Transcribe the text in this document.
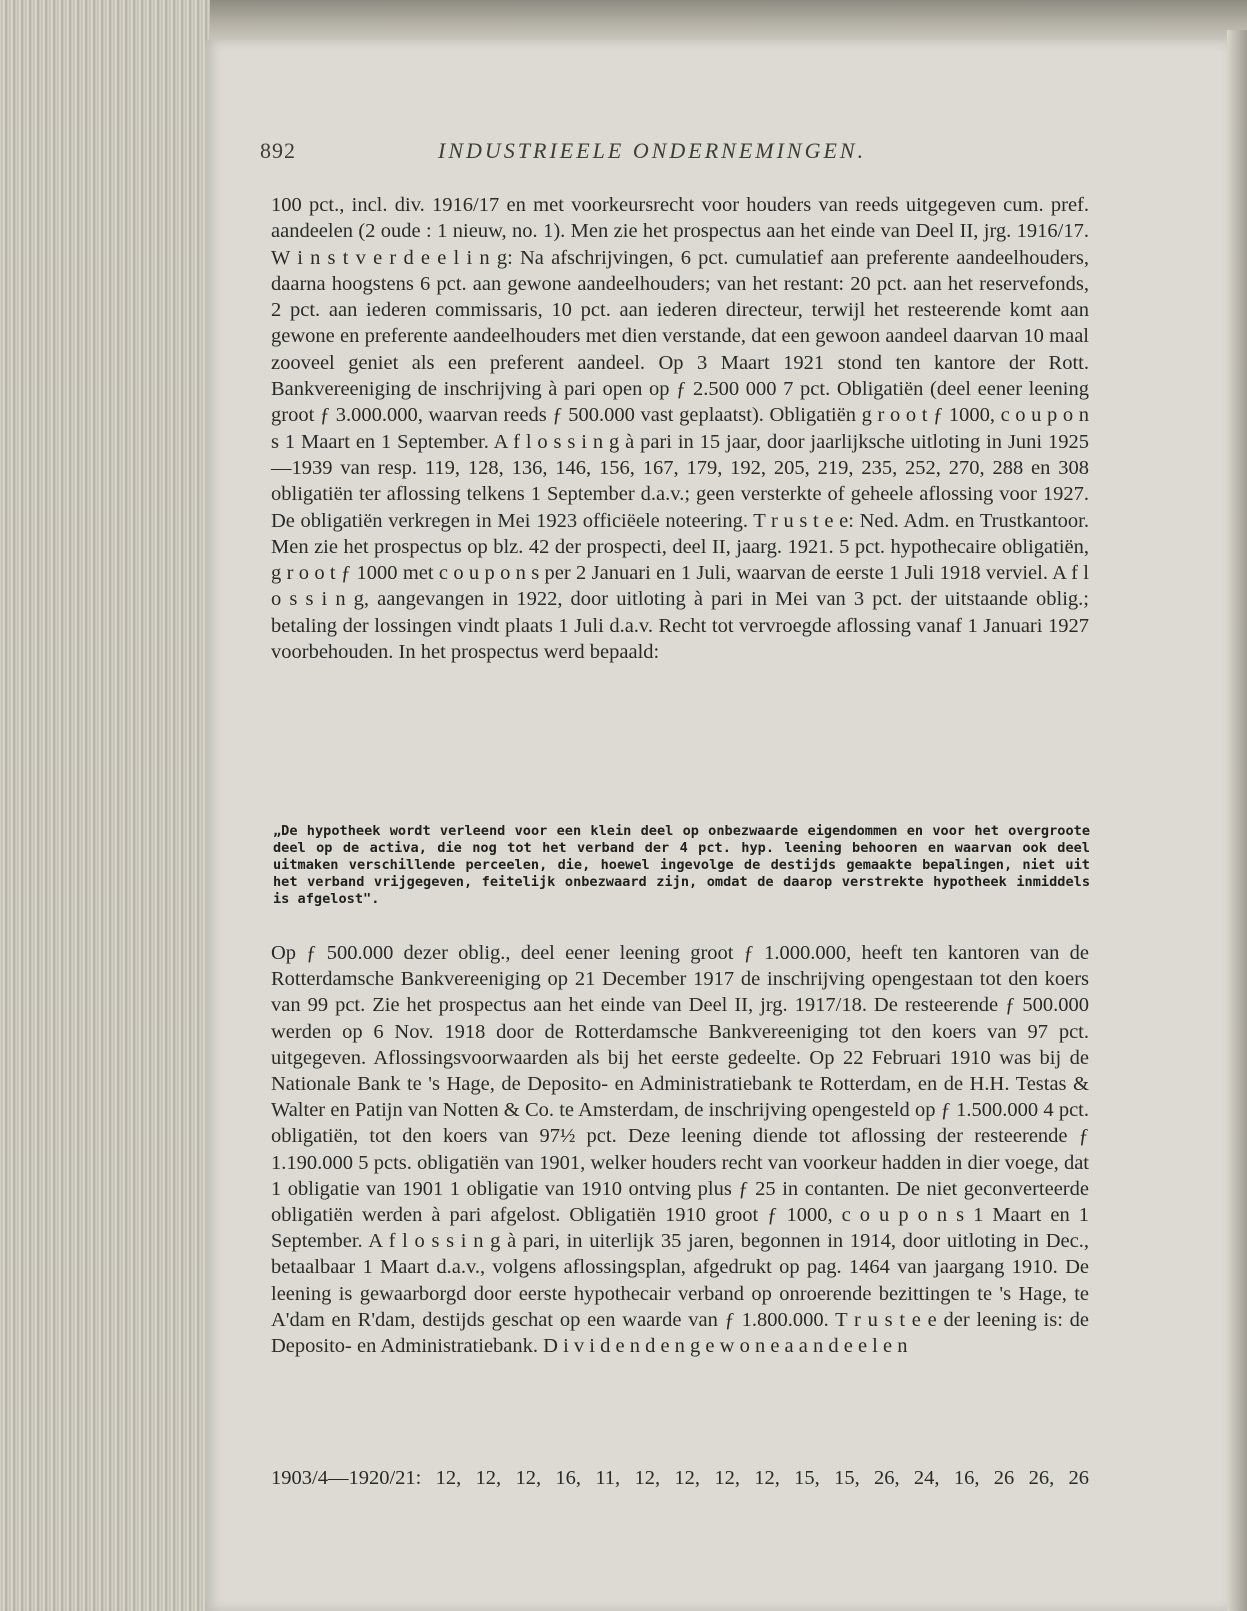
892	INDUSTRIEELE ONDERNEMINGEN.

100 pct., incl. div. 1916/17 en met voorkeursrecht voor houders van reeds uitgegeven cum. pref. aandeelen (2 oude : 1 nieuw, no. 1). Men zie het prospectus aan het einde van Deel II, jrg. 1916/17. W i n s t v e r d e e l i n g: Na afschrijvingen, 6 pct. cumulatief aan preferente aandeelhouders, daarna hoogstens 6 pct. aan gewone aandeelhouders; van het restant: 20 pct. aan het reservefonds, 2 pct. aan iederen commissaris, 10 pct. aan iederen directeur, terwijl het resteerende komt aan gewone en preferente aandeelhouders met dien verstande, dat een gewoon aandeel daarvan 10 maal zooveel geniet als een preferent aandeel. Op 3 Maart 1921 stond ten kantore der Rott. Bankvereeniging de inschrijving à pari open op ƒ 2.500 000 7 pct. Obligatiën (deel eener leening groot ƒ 3.000.000, waarvan reeds ƒ 500.000 vast geplaatst). Obligatiën g r o o t ƒ 1000, c o u p o n s 1 Maart en 1 September. A f l o s s i n g à pari in 15 jaar, door jaarlijksche uitloting in Juni 1925—1939 van resp. 119, 128, 136, 146, 156, 167, 179, 192, 205, 219, 235, 252, 270, 288 en 308 obligatiën ter aflossing telkens 1 September d.a.v.; geen versterkte of geheele aflossing voor 1927. De obligatiën verkregen in Mei 1923 officiëele noteering. T r u s t e e: Ned. Adm. en Trustkantoor. Men zie het prospectus op blz. 42 der prospecti, deel II, jaarg. 1921. 5 pct. hypothecaire obligatiën, g r o o t ƒ 1000 met c o u p o n s per 2 Januari en 1 Juli, waarvan de eerste 1 Juli 1918 verviel. A f l o s s i n g, aangevangen in 1922, door uitloting à pari in Mei van 3 pct. der uitstaande oblig.; betaling der lossingen vindt plaats 1 Juli d.a.v. Recht tot vervroegde aflossing vanaf 1 Januari 1927 voorbehouden. In het prospectus werd bepaald:

„De hypotheek wordt verleend voor een klein deel op onbezwaarde eigendommen en voor het overgroote deel op de activa, die nog tot het verband der 4 pct. hyp. leening behooren en waarvan ook deel uitmaken verschillende perceelen, die, hoewel ingevolge de destijds gemaakte bepalingen, niet uit het verband vrijgegeven, feitelijk onbezwaard zijn, omdat de daarop verstrekte hypotheek inmiddels is afgelost".

Op ƒ 500.000 dezer oblig., deel eener leening groot ƒ 1.000.000, heeft ten kantoren van de Rotterdamsche Bankvereeniging op 21 December 1917 de inschrijving opengestaan tot den koers van 99 pct. Zie het prospectus aan het einde van Deel II, jrg. 1917/18. De resteerende ƒ 500.000 werden op 6 Nov. 1918 door de Rotterdamsche Bankvereeniging tot den koers van 97 pct. uitgegeven. Aflossingsvoorwaarden als bij het eerste gedeelte. Op 22 Februari 1910 was bij de Nationale Bank te 's Hage, de Deposito- en Administratiebank te Rotterdam, en de H.H. Testas & Walter en Patijn van Notten & Co. te Amsterdam, de inschrijving opengesteld op ƒ 1.500.000 4 pct. obligatiën, tot den koers van 97½ pct. Deze leening diende tot aflossing der resteerende ƒ 1.190.000 5 pcts. obligatiën van 1901, welker houders recht van voorkeur hadden in dier voege, dat 1 obligatie van 1901 1 obligatie van 1910 ontving plus ƒ 25 in contanten. De niet geconverteerde obligatiën werden à pari afgelost. Obligatiën 1910 groot ƒ 1000, c o u p o n s 1 Maart en 1 September. A f l o s s i n g à pari, in uiterlijk 35 jaren, begonnen in 1914, door uitloting in Dec., betaalbaar 1 Maart d.a.v., volgens aflossingsplan, afgedrukt op pag. 1464 van jaargang 1910. De leening is gewaarborgd door eerste hypothecair verband op onroerende bezittingen te 's Hage, te A'dam en R'dam, destijds geschat op een waarde van ƒ 1.800.000. T r u s t e e der leening is: de Deposito- en Administratiebank. D i v i d e n d e n g e w o n e a a n d e e l e n

1903/4—1920/21: 12, 12, 12, 16, 11, 12, 12, 12, 12, 15, 15, 26, 24, 16, 26 26, 26
